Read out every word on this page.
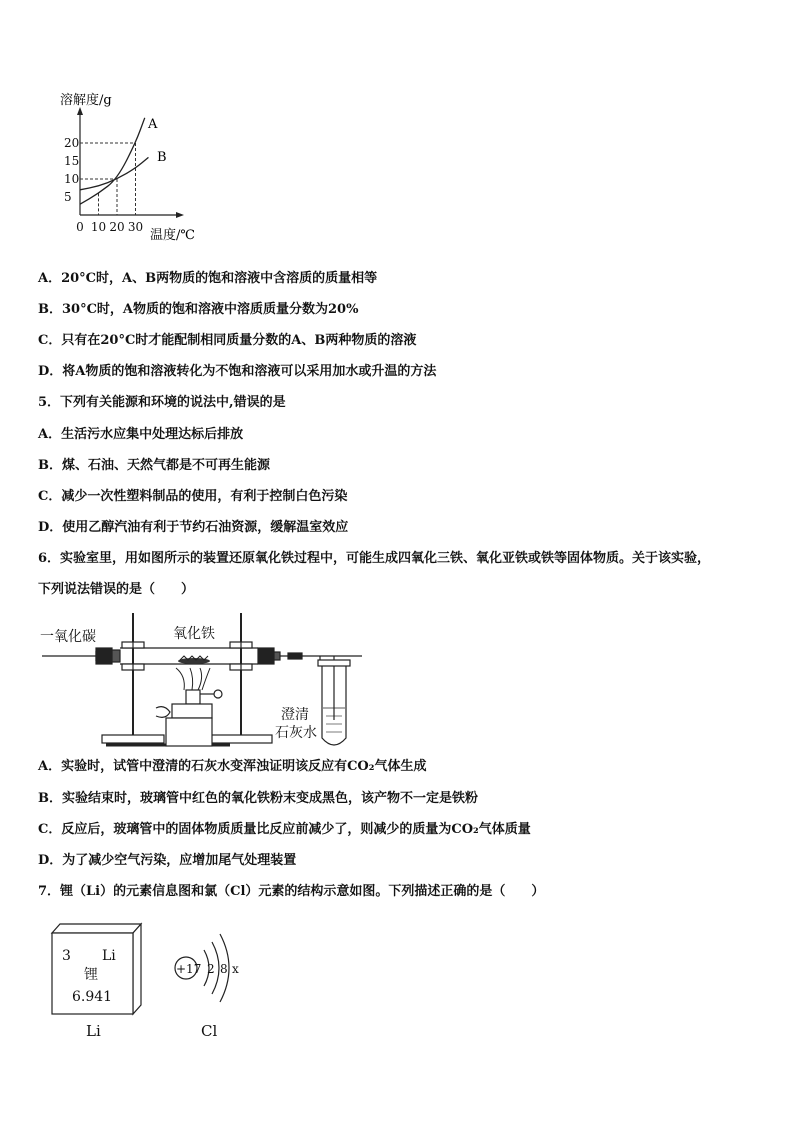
20
15
10
5
0 10 20 30
溶解度/g
温度/℃
A
B
A．20°C时，A、B两物质的饱和溶液中含溶质的质量相等
B．30°C时，A物质的饱和溶液中溶质质量分数为20%
C．只有在20°C时才能配制相同质量分数的A、B两种物质的溶液
D．将A物质的饱和溶液转化为不饱和溶液可以采用加水或升温的方法
5．下列有关能源和环境的说法中,错误的是
A．生活污水应集中处理达标后排放
B．煤、石油、天然气都是不可再生能源
C．减少一次性塑料制品的使用，有利于控制白色污染
D．使用乙醇汽油有利于节约石油资源，缓解温室效应
6．实验室里，用如图所示的装置还原氧化铁过程中，可能生成四氧化三铁、氧化亚铁或铁等固体物质。关于该实验，
下列说法错误的是（　　）
一氧化碳	氧化铁
澄清
石灰水
A．实验时，试管中澄清的石灰水变浑浊证明该反应有CO₂气体生成
B．实验结束时，玻璃管中红色的氧化铁粉末变成黑色，该产物不一定是铁粉
C．反应后，玻璃管中的固体物质质量比反应前减少了，则减少的质量为CO₂气体质量
D．为了减少空气污染，应增加尾气处理装置
7．锂（Li）的元素信息图和氯（Cl）元素的结构示意如图。下列描述正确的是（　　）
3 Li
锂
6.941
Li
+17 2 8 x
Cl
